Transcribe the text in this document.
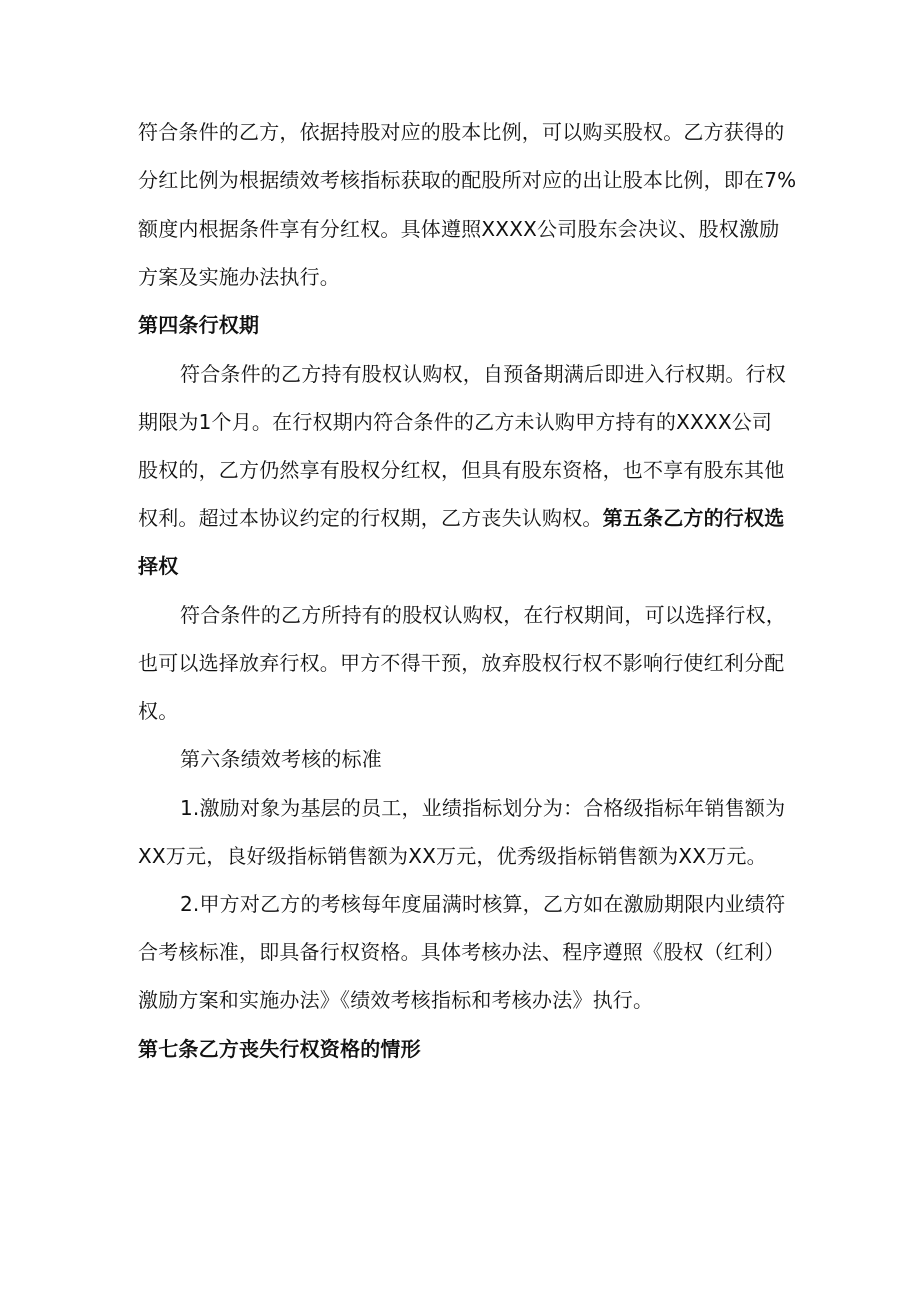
符合条件的乙方，依据持股对应的股本比例，可以购买股权。乙方获得的
分红比例为根据绩效考核指标获取的配股所对应的出让股本比例，即在7%
额度内根据条件享有分红权。具体遵照XXXX公司股东会决议、股权激励
方案及实施办法执行。
第四条行权期
符合条件的乙方持有股权认购权，自预备期满后即进入行权期。行权
期限为1个月。在行权期内符合条件的乙方未认购甲方持有的XXXX公司
股权的，乙方仍然享有股权分红权，但具有股东资格，也不享有股东其他
权利。超过本协议约定的行权期，乙方丧失认购权。第五条乙方的行权选
择权
符合条件的乙方所持有的股权认购权，在行权期间，可以选择行权，
也可以选择放弃行权。甲方不得干预，放弃股权行权不影响行使红利分配
权。
第六条绩效考核的标准
1.激励对象为基层的员工，业绩指标划分为：合格级指标年销售额为
XX万元，良好级指标销售额为XX万元，优秀级指标销售额为XX万元。
2.甲方对乙方的考核每年度届满时核算，乙方如在激励期限内业绩符
合考核标准，即具备行权资格。具体考核办法、程序遵照《股权（红利）
激励方案和实施办法》《绩效考核指标和考核办法》执行。
第七条乙方丧失行权资格的情形
